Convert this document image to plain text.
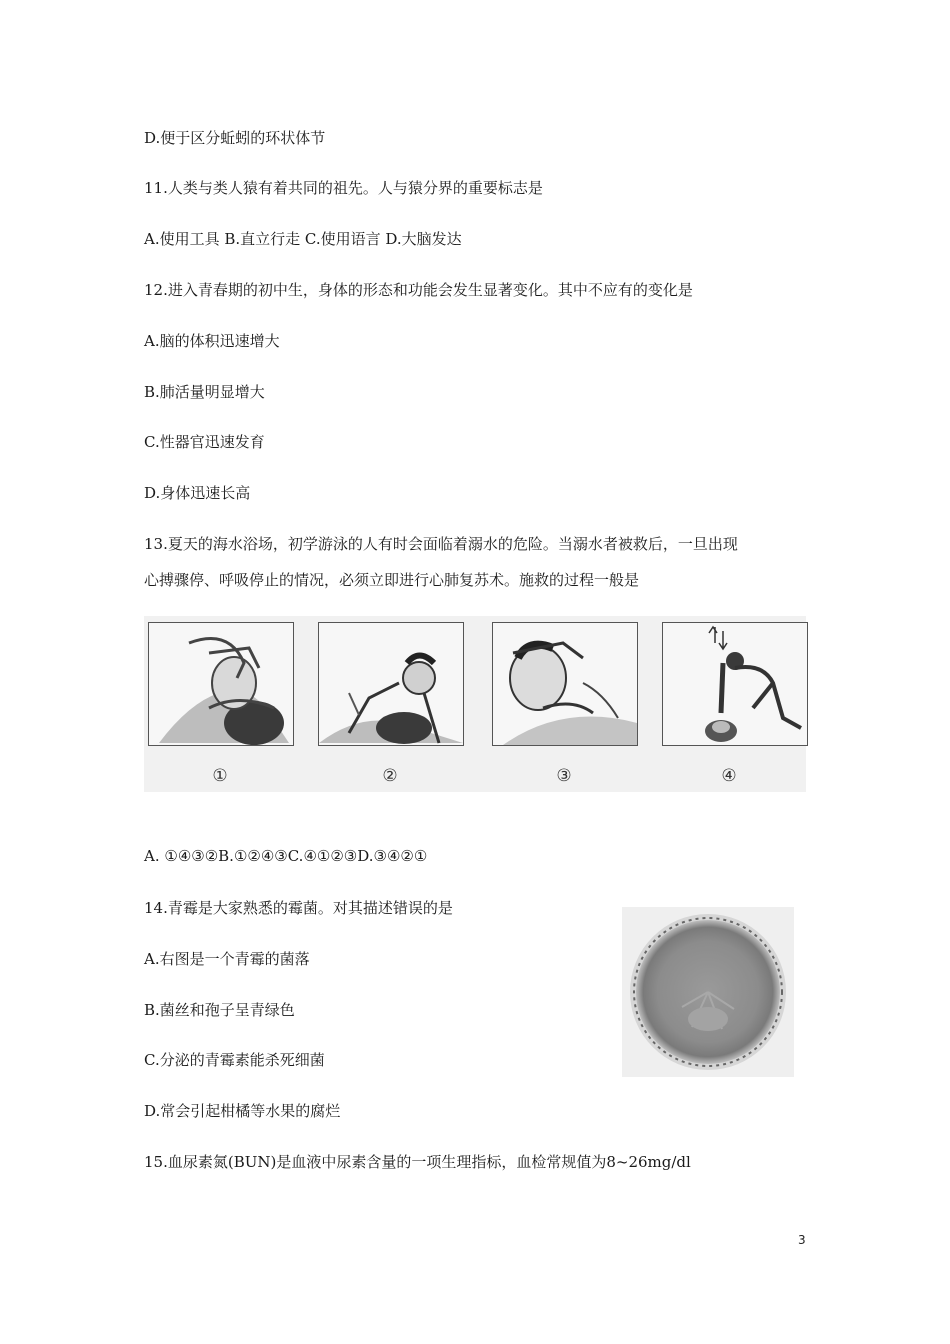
D.便于区分蚯蚓的环状体节
11.人类与类人猿有着共同的祖先。人与猿分界的重要标志是
A.使用工具 B.直立行走 C.使用语言 D.大脑发达
12.进入青春期的初中生，身体的形态和功能会发生显著变化。其中不应有的变化是
A.脑的体积迅速增大
B.肺活量明显增大
C.性器官迅速发育
D.身体迅速长高
13.夏天的海水浴场，初学游泳的人有时会面临着溺水的危险。当溺水者被救后，一旦出现
心搏骤停、呼吸停止的情况，必须立即进行心肺复苏术。施救的过程一般是
①	②	③	④
A. ①④③②B.①②④③C.④①②③D.③④②①
14.青霉是大家熟悉的霉菌。对其描述错误的是
A.右图是一个青霉的菌落
B.菌丝和孢子呈青绿色
C.分泌的青霉素能杀死细菌
D.常会引起柑橘等水果的腐烂
15.血尿素氮(BUN)是血液中尿素含量的一项生理指标，血检常规值为8~26mg/dl
3
